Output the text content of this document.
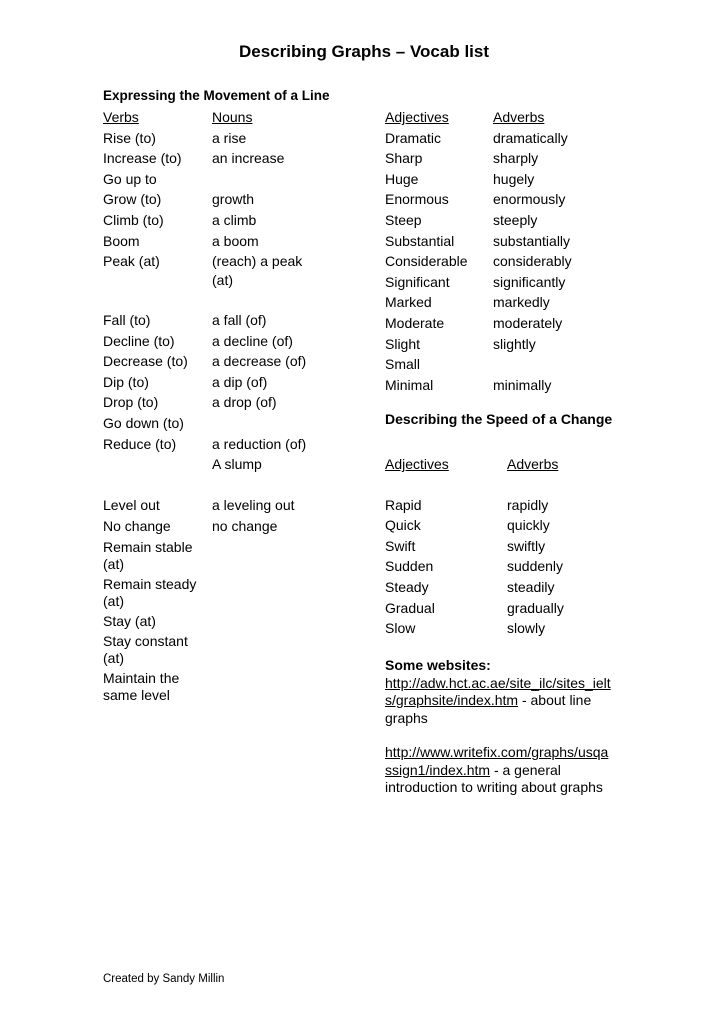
Describing Graphs – Vocab list
Expressing the Movement of a Line
Verbs
Rise (to)
Increase (to)
Go up to
Grow (to)
Climb (to)
Boom
Peak (at)
Nouns
a rise
an increase
growth
a climb
a boom
(reach) a peak
(at)
Fall (to)
Decline (to)
Decrease (to)
Dip (to)
Drop (to)
Go down (to)
Reduce (to)
a fall (of)
a decline (of)
a decrease (of)
a dip (of)
a drop (of)
a reduction (of)
A slump
Level out
No change
Remain stable
(at)
Remain steady
(at)
Stay (at)
Stay constant
(at)
Maintain the
same level
a leveling out
no change
Adjectives
Dramatic
Sharp
Huge
Enormous
Steep
Substantial
Considerable
Significant
Marked
Moderate
Slight
Small
Minimal
Adverbs
dramatically
sharply
hugely
enormously
steeply
substantially
considerably
significantly
markedly
moderately
slightly
minimally
Describing the Speed of a Change
Adjectives
Rapid
Quick
Swift
Sudden
Steady
Gradual
Slow
Adverbs
rapidly
quickly
swiftly
suddenly
steadily
gradually
slowly
Some websites:
http://adw.hct.ac.ae/site_ilc/sites_ielt
s/graphsite/index.htm - about line
graphs
http://www.writefix.com/graphs/usqa
ssign1/index.htm - a general
introduction to writing about graphs
Created by Sandy Millin
